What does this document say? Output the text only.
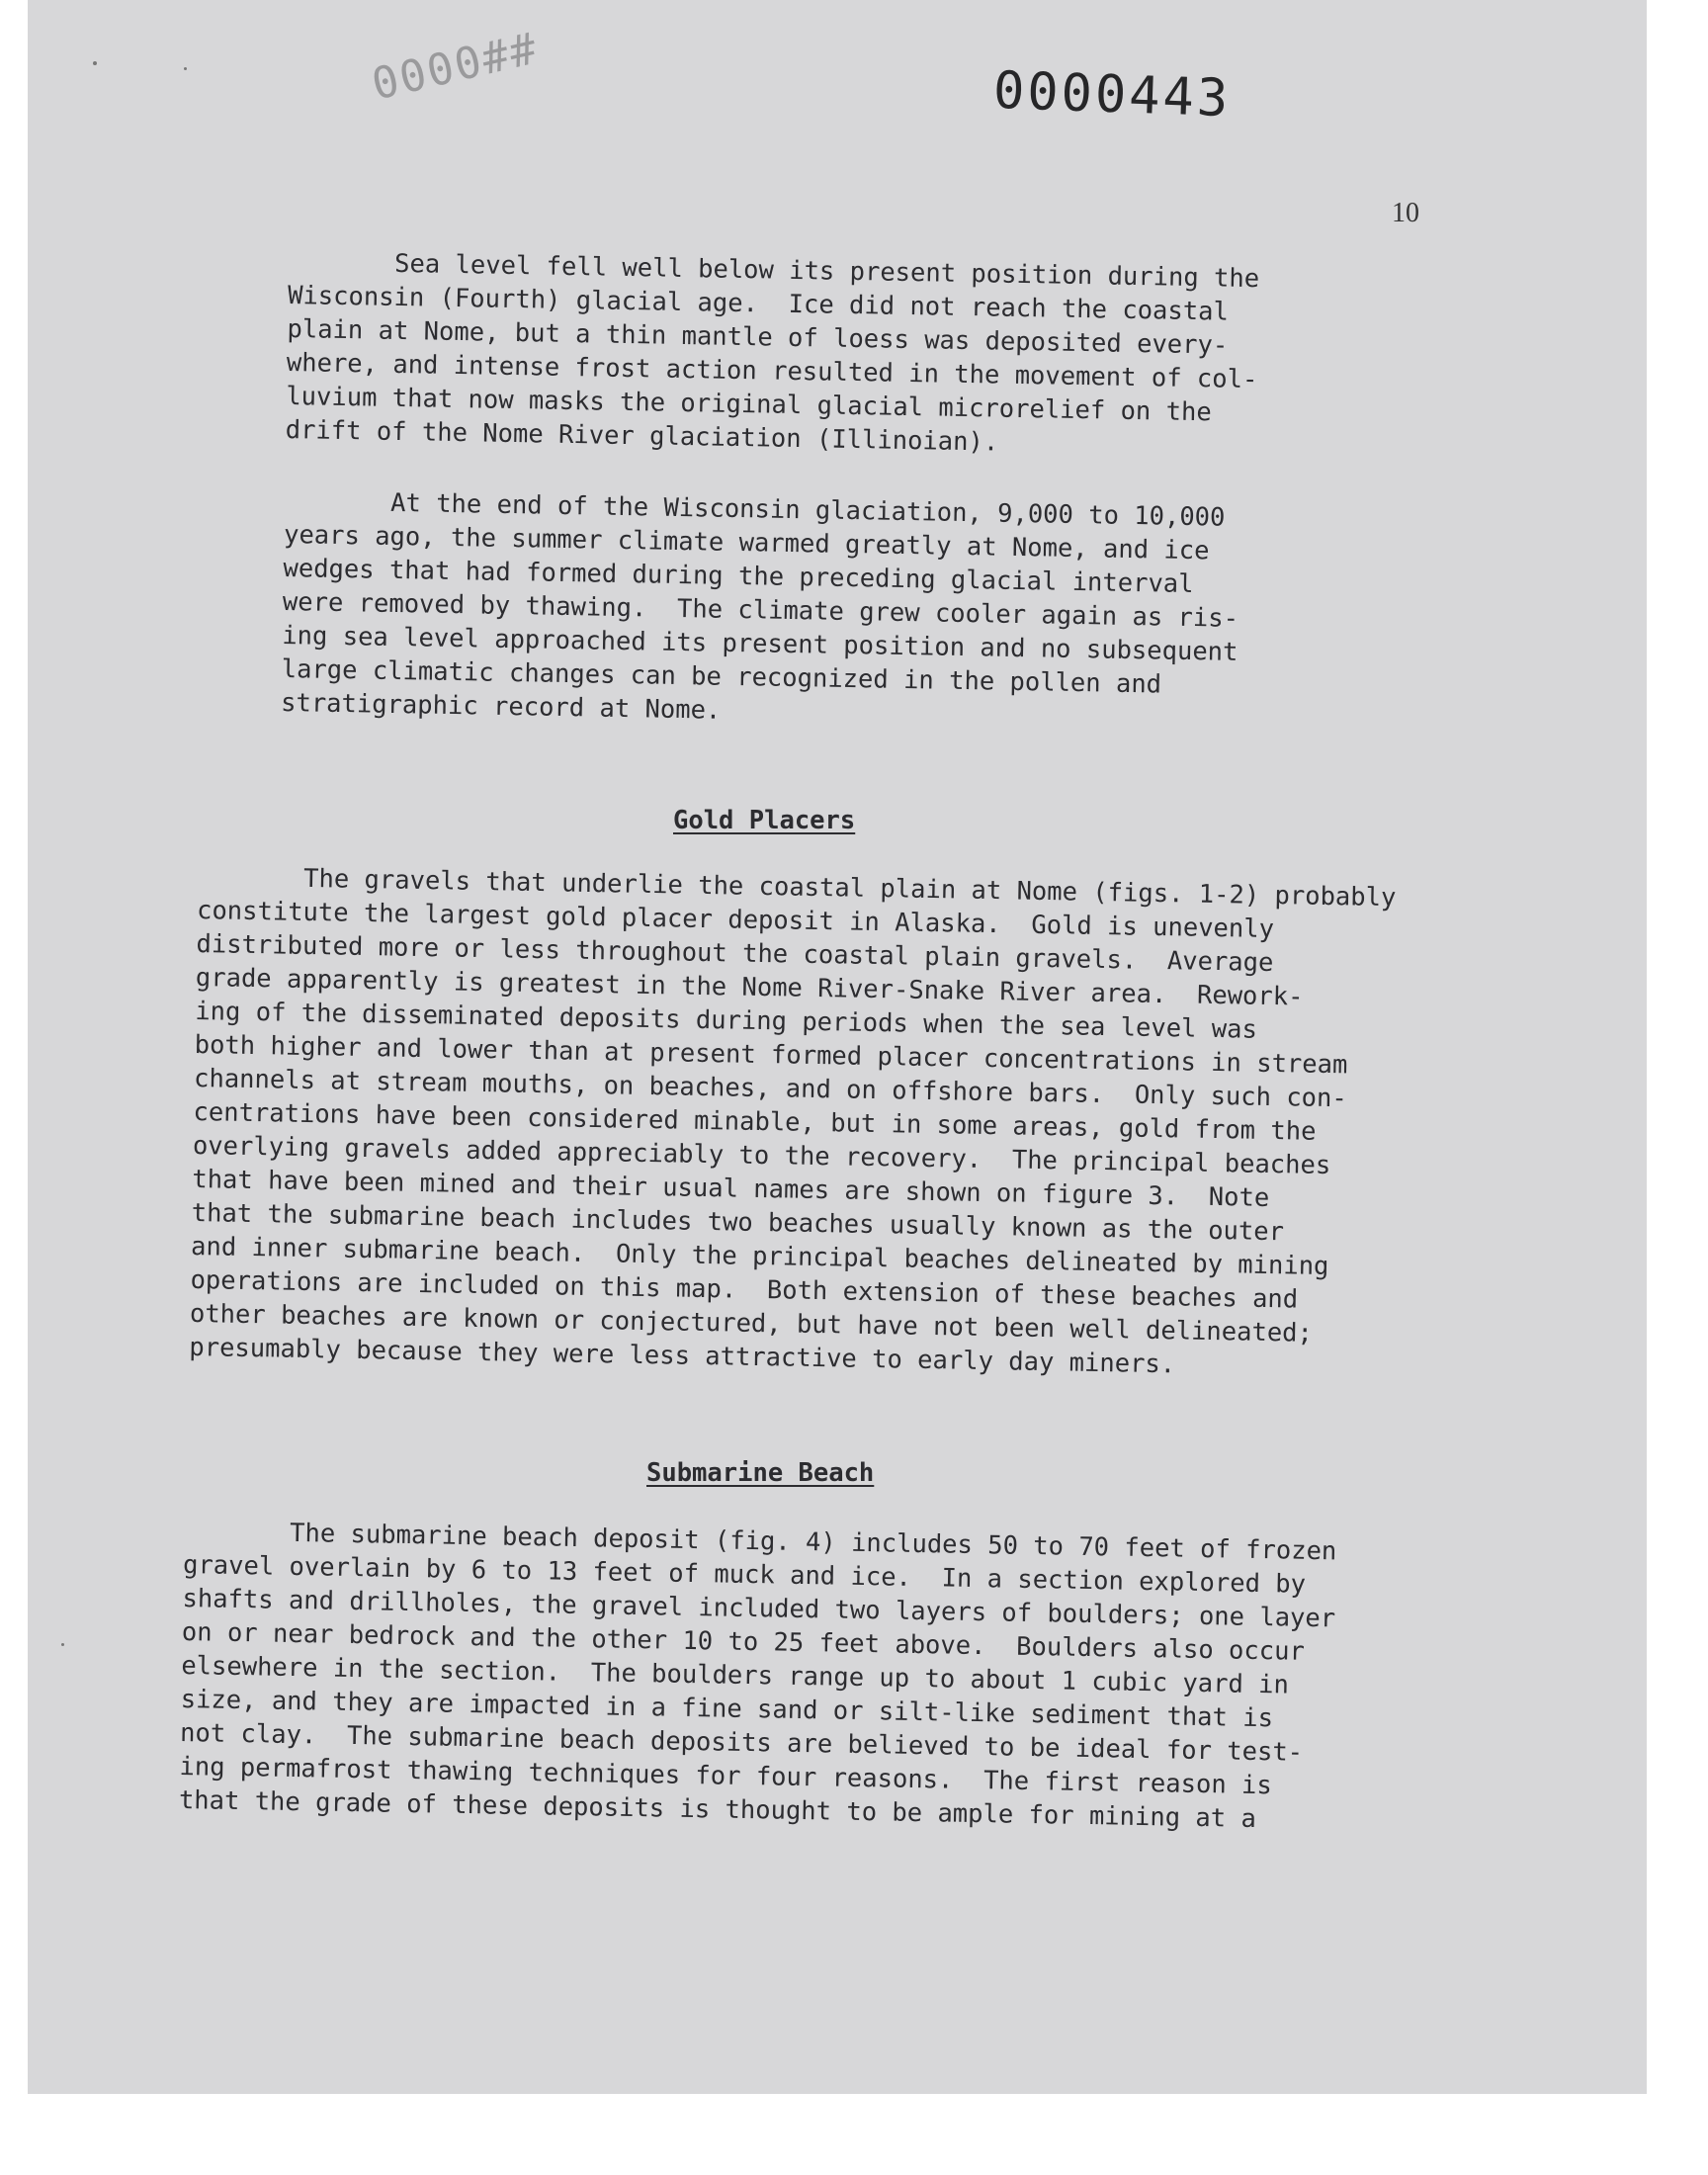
0000##	0000443
10

Sea level fell well below its present position during the
Wisconsin (Fourth) glacial age.  Ice did not reach the coastal
plain at Nome, but a thin mantle of loess was deposited every-
where, and intense frost action resulted in the movement of col-
luvium that now masks the original glacial microrelief on the
drift of the Nome River glaciation (Illinoian).

At the end of the Wisconsin glaciation, 9,000 to 10,000
years ago, the summer climate warmed greatly at Nome, and ice
wedges that had formed during the preceding glacial interval
were removed by thawing.  The climate grew cooler again as ris-
ing sea level approached its present position and no subsequent
large climatic changes can be recognized in the pollen and
stratigraphic record at Nome.

Gold Placers

The gravels that underlie the coastal plain at Nome (figs. 1-2) probably
constitute the largest gold placer deposit in Alaska.  Gold is unevenly
distributed more or less throughout the coastal plain gravels.  Average
grade apparently is greatest in the Nome River-Snake River area.  Rework-
ing of the disseminated deposits during periods when the sea level was
both higher and lower than at present formed placer concentrations in stream
channels at stream mouths, on beaches, and on offshore bars.  Only such con-
centrations have been considered minable, but in some areas, gold from the
overlying gravels added appreciably to the recovery.  The principal beaches
that have been mined and their usual names are shown on figure 3.  Note
that the submarine beach includes two beaches usually known as the outer
and inner submarine beach.  Only the principal beaches delineated by mining
operations are included on this map.  Both extension of these beaches and
other beaches are known or conjectured, but have not been well delineated;
presumably because they were less attractive to early day miners.

Submarine Beach

The submarine beach deposit (fig. 4) includes 50 to 70 feet of frozen
gravel overlain by 6 to 13 feet of muck and ice.  In a section explored by
shafts and drillholes, the gravel included two layers of boulders; one layer
on or near bedrock and the other 10 to 25 feet above.  Boulders also occur
elsewhere in the section.  The boulders range up to about 1 cubic yard in
size, and they are impacted in a fine sand or silt-like sediment that is
not clay.  The submarine beach deposits are believed to be ideal for test-
ing permafrost thawing techniques for four reasons.  The first reason is
that the grade of these deposits is thought to be ample for mining at a
